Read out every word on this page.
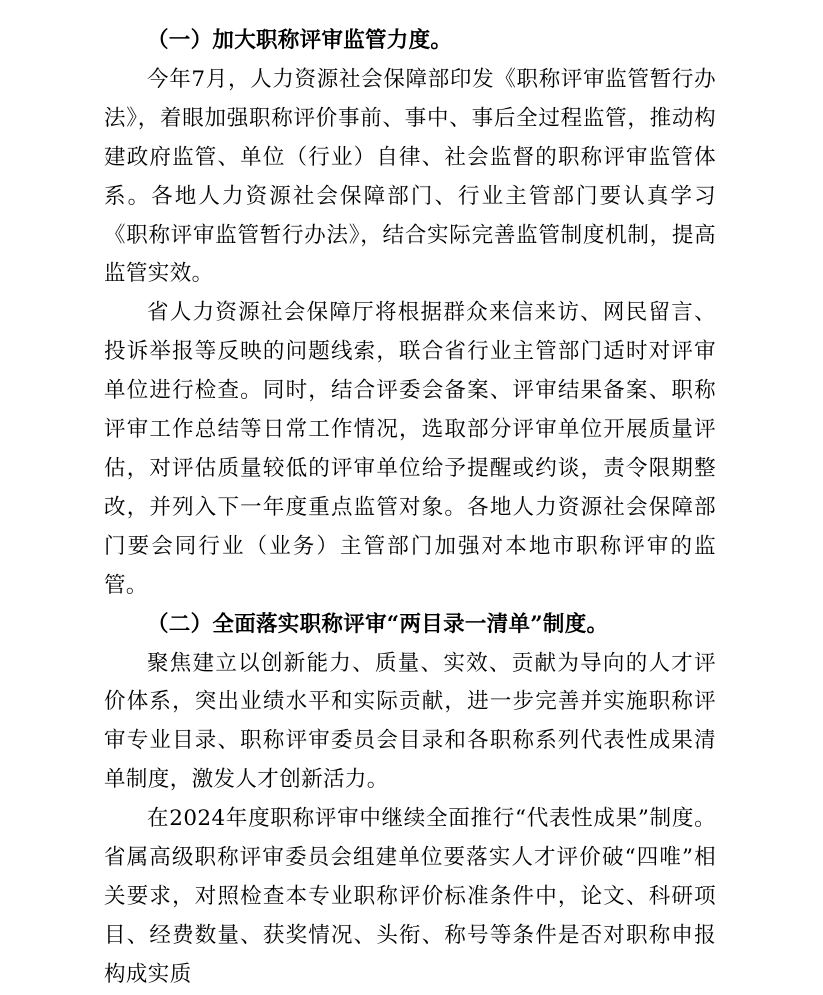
（一）加大职称评审监管力度。

今年7月，人力资源社会保障部印发《职称评审监管暂行办法》，着眼加强职称评价事前、事中、事后全过程监管，推动构建政府监管、单位（行业）自律、社会监督的职称评审监管体系。各地人力资源社会保障部门、行业主管部门要认真学习《职称评审监管暂行办法》，结合实际完善监管制度机制，提高监管实效。

省人力资源社会保障厅将根据群众来信来访、网民留言、投诉举报等反映的问题线索，联合省行业主管部门适时对评审单位进行检查。同时，结合评委会备案、评审结果备案、职称评审工作总结等日常工作情况，选取部分评审单位开展质量评估，对评估质量较低的评审单位给予提醒或约谈，责令限期整改，并列入下一年度重点监管对象。各地人力资源社会保障部门要会同行业（业务）主管部门加强对本地市职称评审的监管。

（二）全面落实职称评审“两目录一清单”制度。

聚焦建立以创新能力、质量、实效、贡献为导向的人才评价体系，突出业绩水平和实际贡献，进一步完善并实施职称评审专业目录、职称评审委员会目录和各职称系列代表性成果清单制度，激发人才创新活力。

在2024年度职称评审中继续全面推行“代表性成果”制度。省属高级职称评审委员会组建单位要落实人才评价破“四唯”相关要求，对照检查本专业职称评价标准条件中，论文、科研项目、经费数量、获奖情况、头衔、称号等条件是否对职称申报构成实质
